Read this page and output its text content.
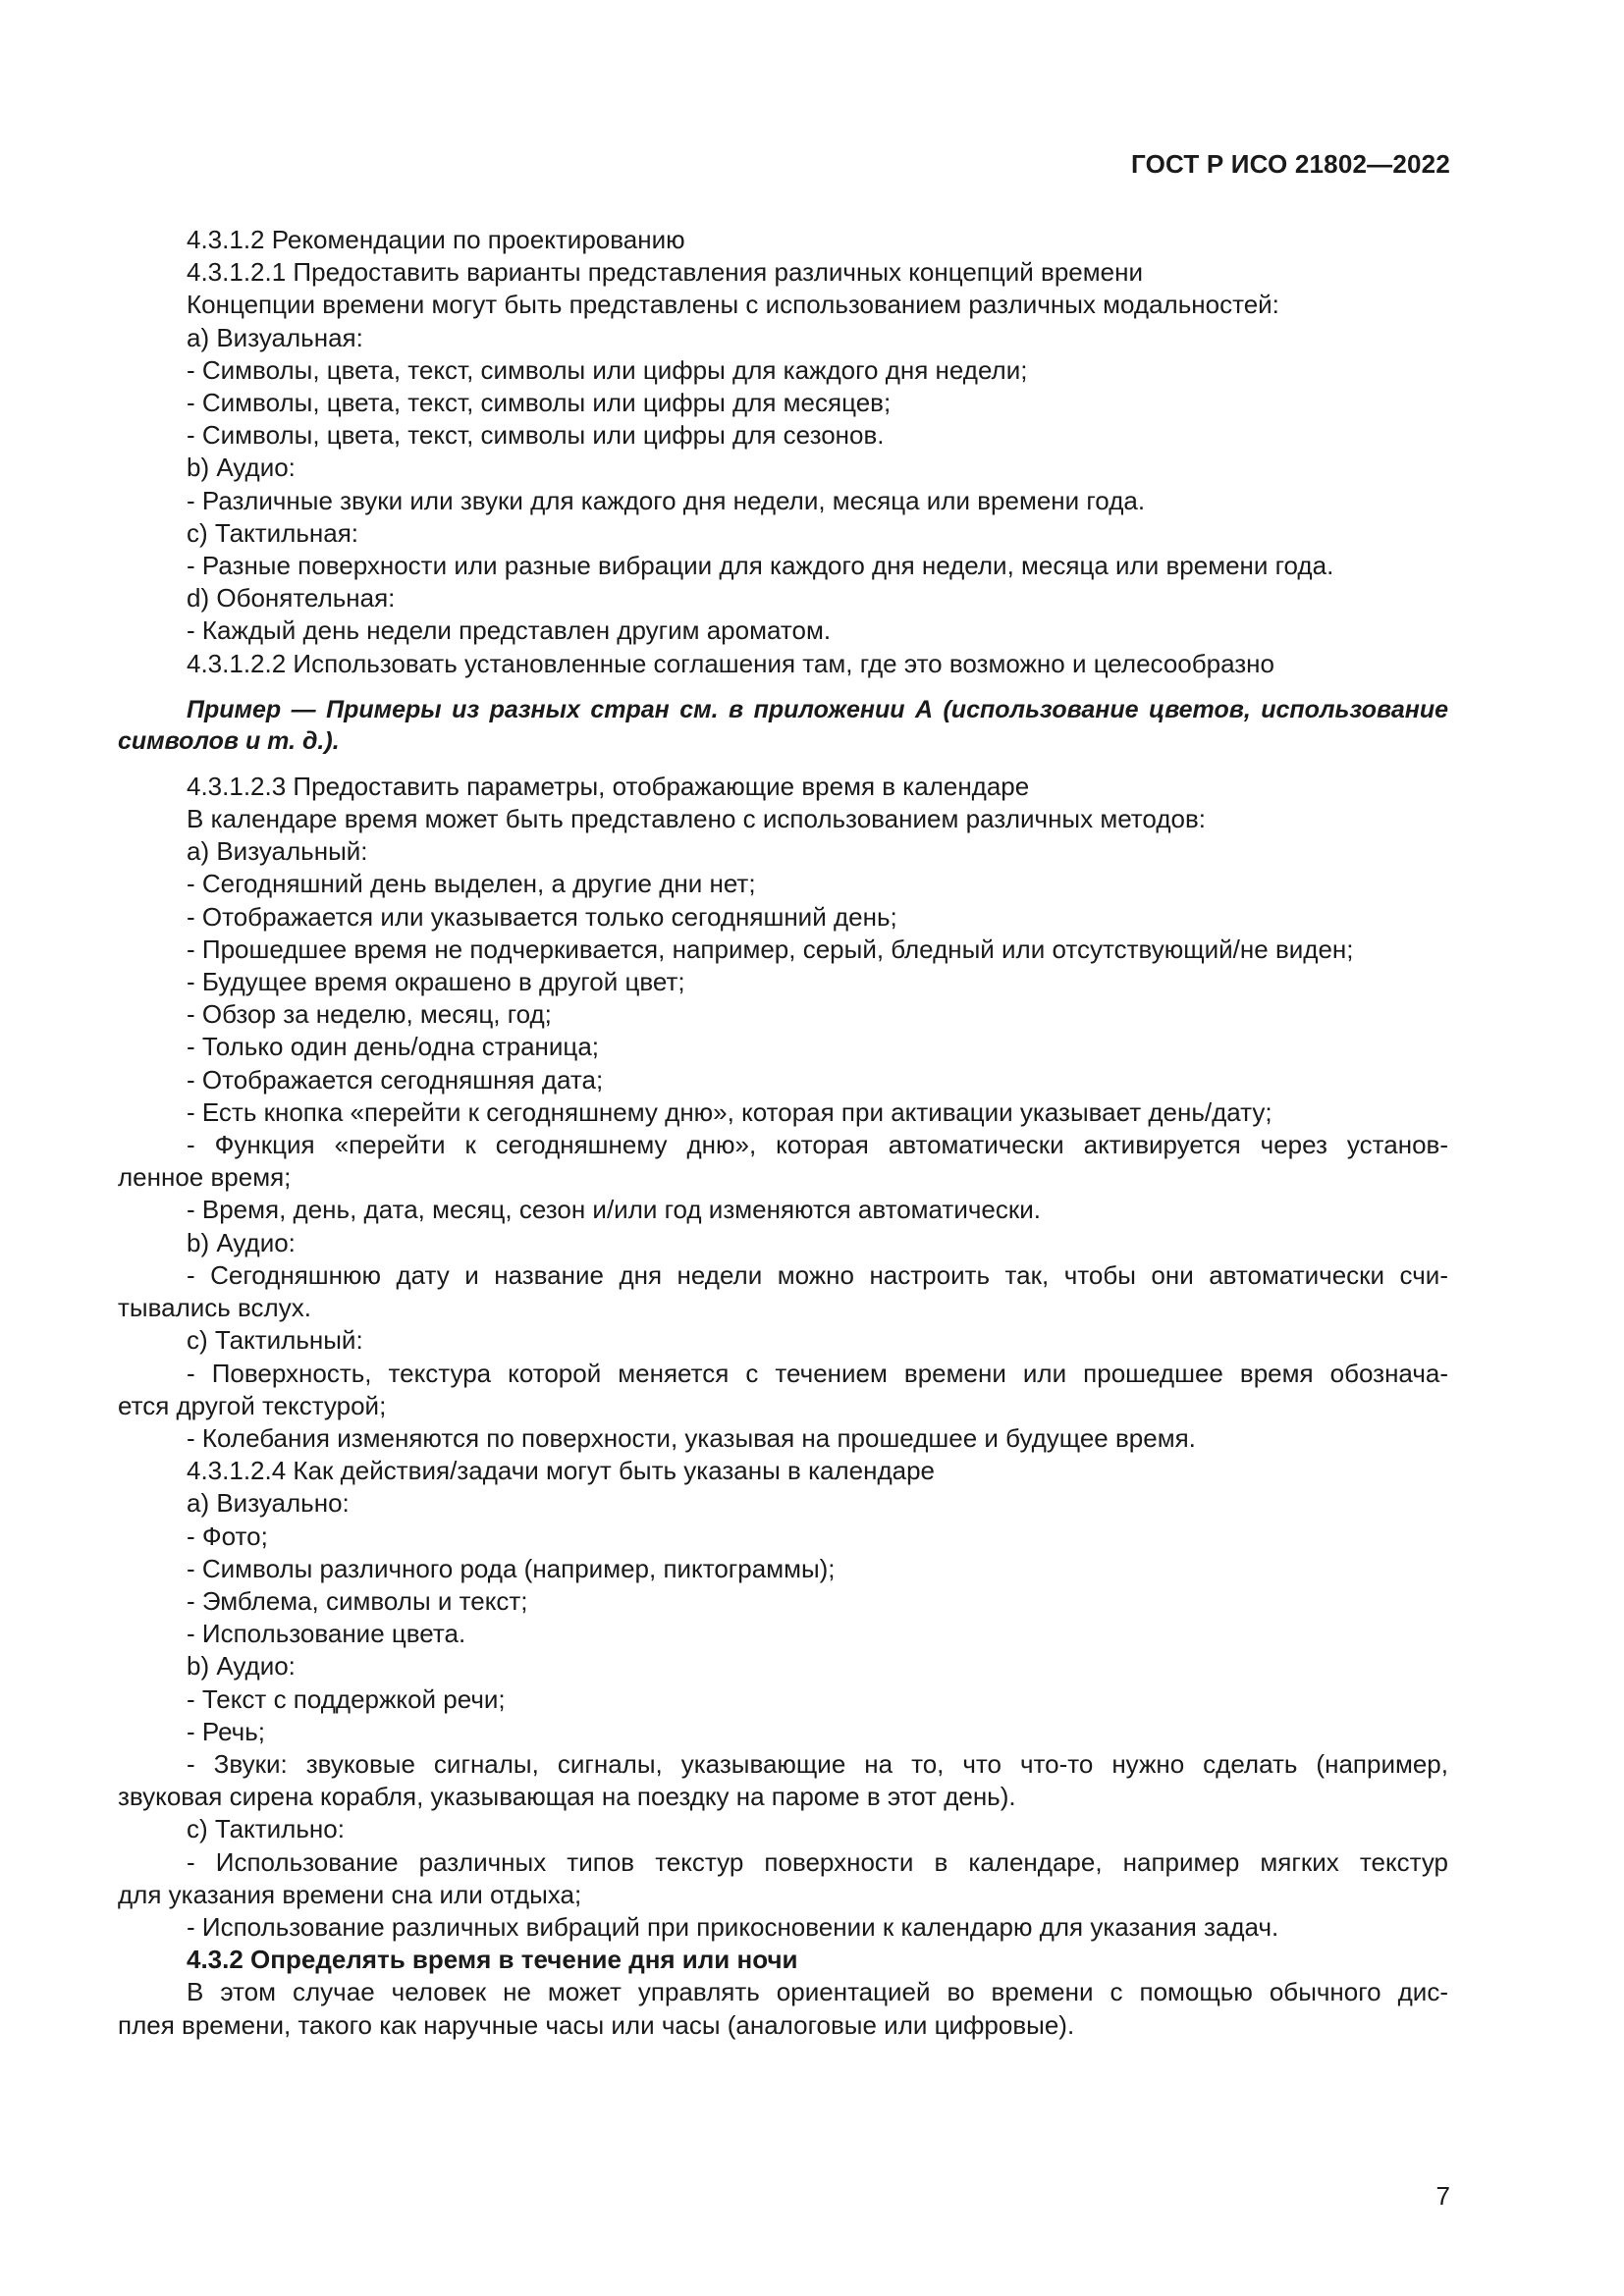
ГОСТ Р ИСО 21802—2022
4.3.1.2 Рекомендации по проектированию
4.3.1.2.1 Предоставить варианты представления различных концепций времени
Концепции времени могут быть представлены с использованием различных модальностей:
a) Визуальная:
- Символы, цвета, текст, символы или цифры для каждого дня недели;
- Символы, цвета, текст, символы или цифры для месяцев;
- Символы, цвета, текст, символы или цифры для сезонов.
b) Аудио:
- Различные звуки или звуки для каждого дня недели, месяца или времени года.
c) Тактильная:
- Разные поверхности или разные вибрации для каждого дня недели, месяца или времени года.
d) Обонятельная:
- Каждый день недели представлен другим ароматом.
4.3.1.2.2 Использовать установленные соглашения там, где это возможно и целесообразно
Пример — Примеры из разных стран см. в приложении А (использование цветов, использование
символов и т. д.).
4.3.1.2.3 Предоставить параметры, отображающие время в календаре
В календаре время может быть представлено с использованием различных методов:
a) Визуальный:
- Сегодняшний день выделен, а другие дни нет;
- Отображается или указывается только сегодняшний день;
- Прошедшее время не подчеркивается, например, серый, бледный или отсутствующий/не виден;
- Будущее время окрашено в другой цвет;
- Обзор за неделю, месяц, год;
- Только один день/одна страница;
- Отображается сегодняшняя дата;
- Есть кнопка «перейти к сегодняшнему дню», которая при активации указывает день/дату;
- Функция «перейти к сегодняшнему дню», которая автоматически активируется через установ-
ленное время;
- Время, день, дата, месяц, сезон и/или год изменяются автоматически.
b) Аудио:
- Сегодняшнюю дату и название дня недели можно настроить так, чтобы они автоматически счи-
тывались вслух.
c) Тактильный:
- Поверхность, текстура которой меняется с течением времени или прошедшее время обознача-
ется другой текстурой;
- Колебания изменяются по поверхности, указывая на прошедшее и будущее время.
4.3.1.2.4 Как действия/задачи могут быть указаны в календаре
a) Визуально:
- Фото;
- Символы различного рода (например, пиктограммы);
- Эмблема, символы и текст;
- Использование цвета.
b) Аудио:
- Текст с поддержкой речи;
- Речь;
- Звуки: звуковые сигналы, сигналы, указывающие на то, что что-то нужно сделать (например,
звуковая сирена корабля, указывающая на поездку на пароме в этот день).
c) Тактильно:
- Использование различных типов текстур поверхности в календаре, например мягких текстур
для указания времени сна или отдыха;
- Использование различных вибраций при прикосновении к календарю для указания задач.
4.3.2 Определять время в течение дня или ночи
В этом случае человек не может управлять ориентацией во времени с помощью обычного дис-
плея времени, такого как наручные часы или часы (аналоговые или цифровые).
7
